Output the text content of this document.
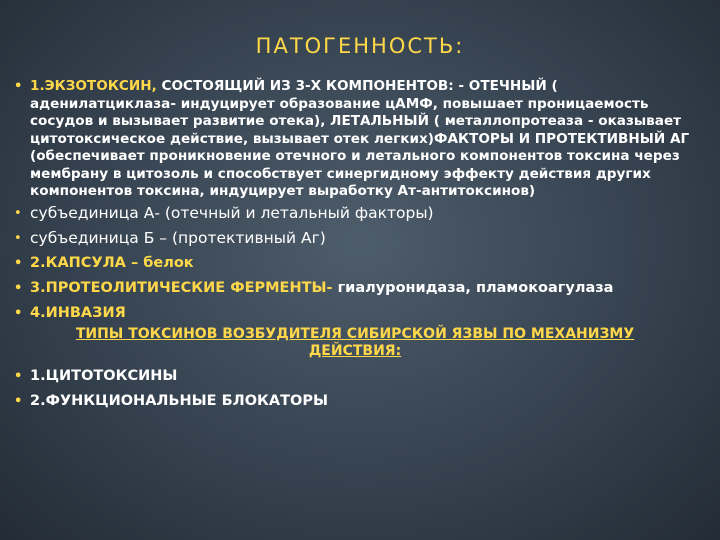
ПАТОГЕННОСТЬ:
• 1.ЭКЗОТОКСИН, СОСТОЯЩИЙ ИЗ 3-Х КОМПОНЕНТОВ: - ОТЕЧНЫЙ ( аденилатциклаза- индуцирует образование цАМФ, повышает проницаемость сосудов и вызывает развитие отека), ЛЕТАЛЬНЫЙ ( металлопротеаза - оказывает цитотоксическое действие, вызывает отек легких)ФАКТОРЫ И ПРОТЕКТИВНЫЙ АГ (обеспечивает проникновение отечного и летального компонентов токсина через мембрану в цитозоль и способствует синергидному эффекту действия других компонентов токсина, индуцирует выработку Ат-антитоксинов)
• субъединица А- (отечный и летальный факторы)
• субъединица Б – (протективный Аг)
• 2.КАПСУЛА – белок
• 3.ПРОТЕОЛИТИЧЕСКИЕ ФЕРМЕНТЫ- гиалуронидаза, пламокоагулаза
• 4.ИНВАЗИЯ
ТИПЫ ТОКСИНОВ ВОЗБУДИТЕЛЯ СИБИРСКОЙ ЯЗВЫ ПО МЕХАНИЗМУ ДЕЙСТВИЯ:
• 1.ЦИТОТОКСИНЫ
• 2.ФУНКЦИОНАЛЬНЫЕ БЛОКАТОРЫ
